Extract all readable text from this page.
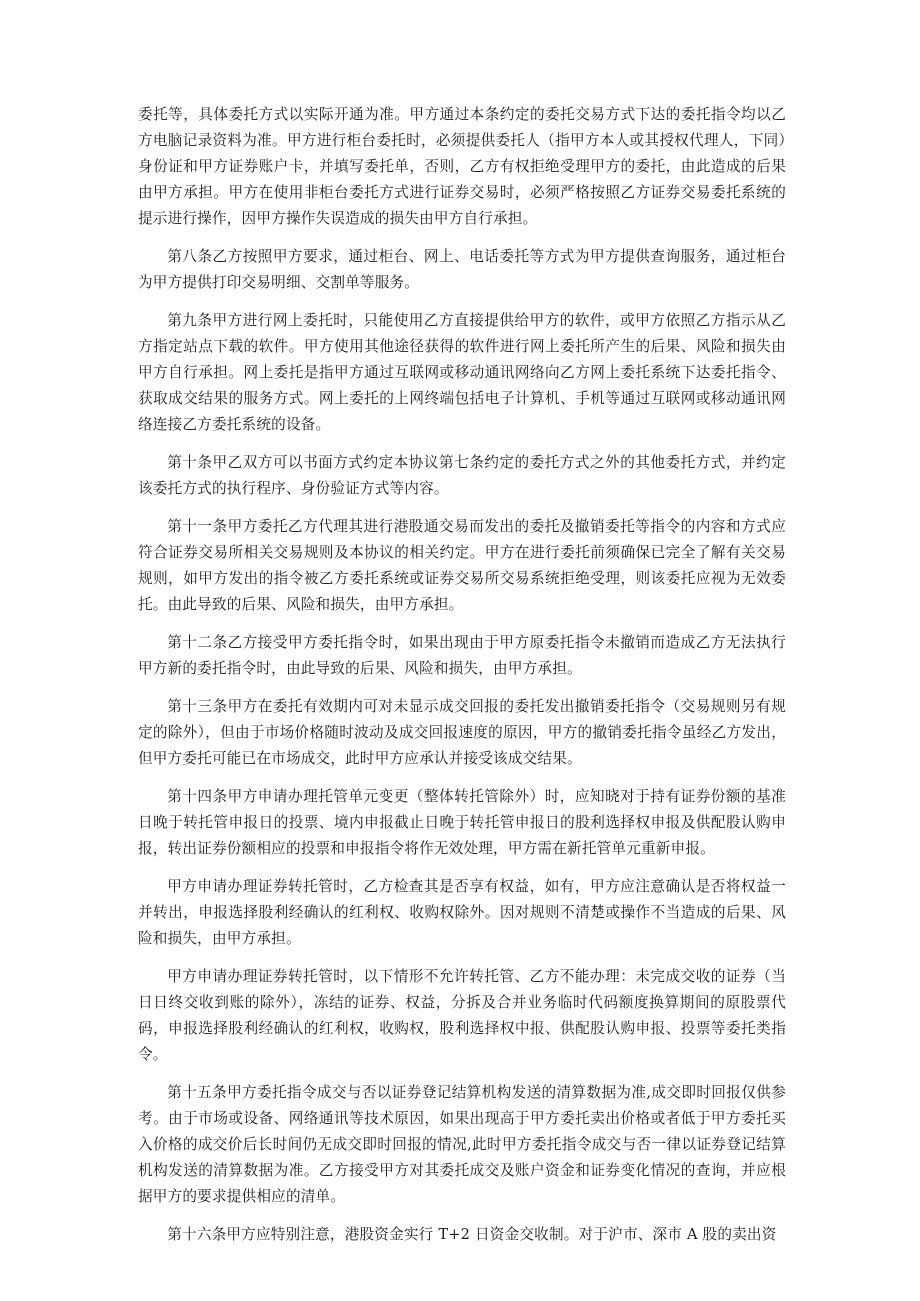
委托等，具体委托方式以实际开通为准。甲方通过本条约定的委托交易方式下达的委托指令均以乙方电脑记录资料为准。甲方进行柜台委托时，必须提供委托人（指甲方本人或其授权代理人，下同）身份证和甲方证券账户卡，并填写委托单，否则，乙方有权拒绝受理甲方的委托，由此造成的后果由甲方承担。甲方在使用非柜台委托方式进行证券交易时，必须严格按照乙方证券交易委托系统的提示进行操作，因甲方操作失误造成的损失由甲方自行承担。

第八条乙方按照甲方要求，通过柜台、网上、电话委托等方式为甲方提供查询服务，通过柜台为甲方提供打印交易明细、交割单等服务。

第九条甲方进行网上委托时，只能使用乙方直接提供给甲方的软件，或甲方依照乙方指示从乙方指定站点下载的软件。甲方使用其他途径获得的软件进行网上委托所产生的后果、风险和损失由甲方自行承担。网上委托是指甲方通过互联网或移动通讯网络向乙方网上委托系统下达委托指令、获取成交结果的服务方式。网上委托的上网终端包括电子计算机、手机等通过互联网或移动通讯网络连接乙方委托系统的设备。

第十条甲乙双方可以书面方式约定本协议第七条约定的委托方式之外的其他委托方式，并约定该委托方式的执行程序、身份验证方式等内容。

第十一条甲方委托乙方代理其进行港股通交易而发出的委托及撤销委托等指令的内容和方式应符合证券交易所相关交易规则及本协议的相关约定。甲方在进行委托前须确保已完全了解有关交易规则，如甲方发出的指令被乙方委托系统或证券交易所交易系统拒绝受理，则该委托应视为无效委托。由此导致的后果、风险和损失，由甲方承担。

第十二条乙方接受甲方委托指令时，如果出现由于甲方原委托指令未撤销而造成乙方无法执行甲方新的委托指令时，由此导致的后果、风险和损失，由甲方承担。

第十三条甲方在委托有效期内可对未显示成交回报的委托发出撤销委托指令（交易规则另有规定的除外），但由于市场价格随时波动及成交回报速度的原因，甲方的撤销委托指令虽经乙方发出，但甲方委托可能已在市场成交，此时甲方应承认并接受该成交结果。

第十四条甲方申请办理托管单元变更（整体转托管除外）时，应知晓对于持有证券份额的基准日晚于转托管申报日的投票、境内申报截止日晚于转托管申报日的股利选择权申报及供配股认购申报，转出证券份额相应的投票和申报指令将作无效处理，甲方需在新托管单元重新申报。

甲方申请办理证券转托管时，乙方检查其是否享有权益，如有，甲方应注意确认是否将权益一并转出，申报选择股利经确认的红利权、收购权除外。因对规则不清楚或操作不当造成的后果、风险和损失，由甲方承担。

甲方申请办理证券转托管时，以下情形不允许转托管、乙方不能办理：未完成交收的证券（当日日终交收到账的除外），冻结的证券、权益，分拆及合并业务临时代码额度换算期间的原股票代码，申报选择股利经确认的红利权，收购权，股利选择权中报、供配股认购申报、投票等委托类指令。

第十五条甲方委托指令成交与否以证券登记结算机构发送的清算数据为准,成交即时回报仅供参考。由于市场或设备、网络通讯等技术原因，如果出现高于甲方委托卖出价格或者低于甲方委托买入价格的成交价后长时间仍无成交即时回报的情况,此时甲方委托指令成交与否一律以证券登记结算机构发送的清算数据为准。乙方接受甲方对其委托成交及账户资金和证券变化情况的查询，并应根据甲方的要求提供相应的清单。

第十六条甲方应特别注意，港股资金实行 T+2 日资金交收制。对于沪市、深市 A 股的卖出资
